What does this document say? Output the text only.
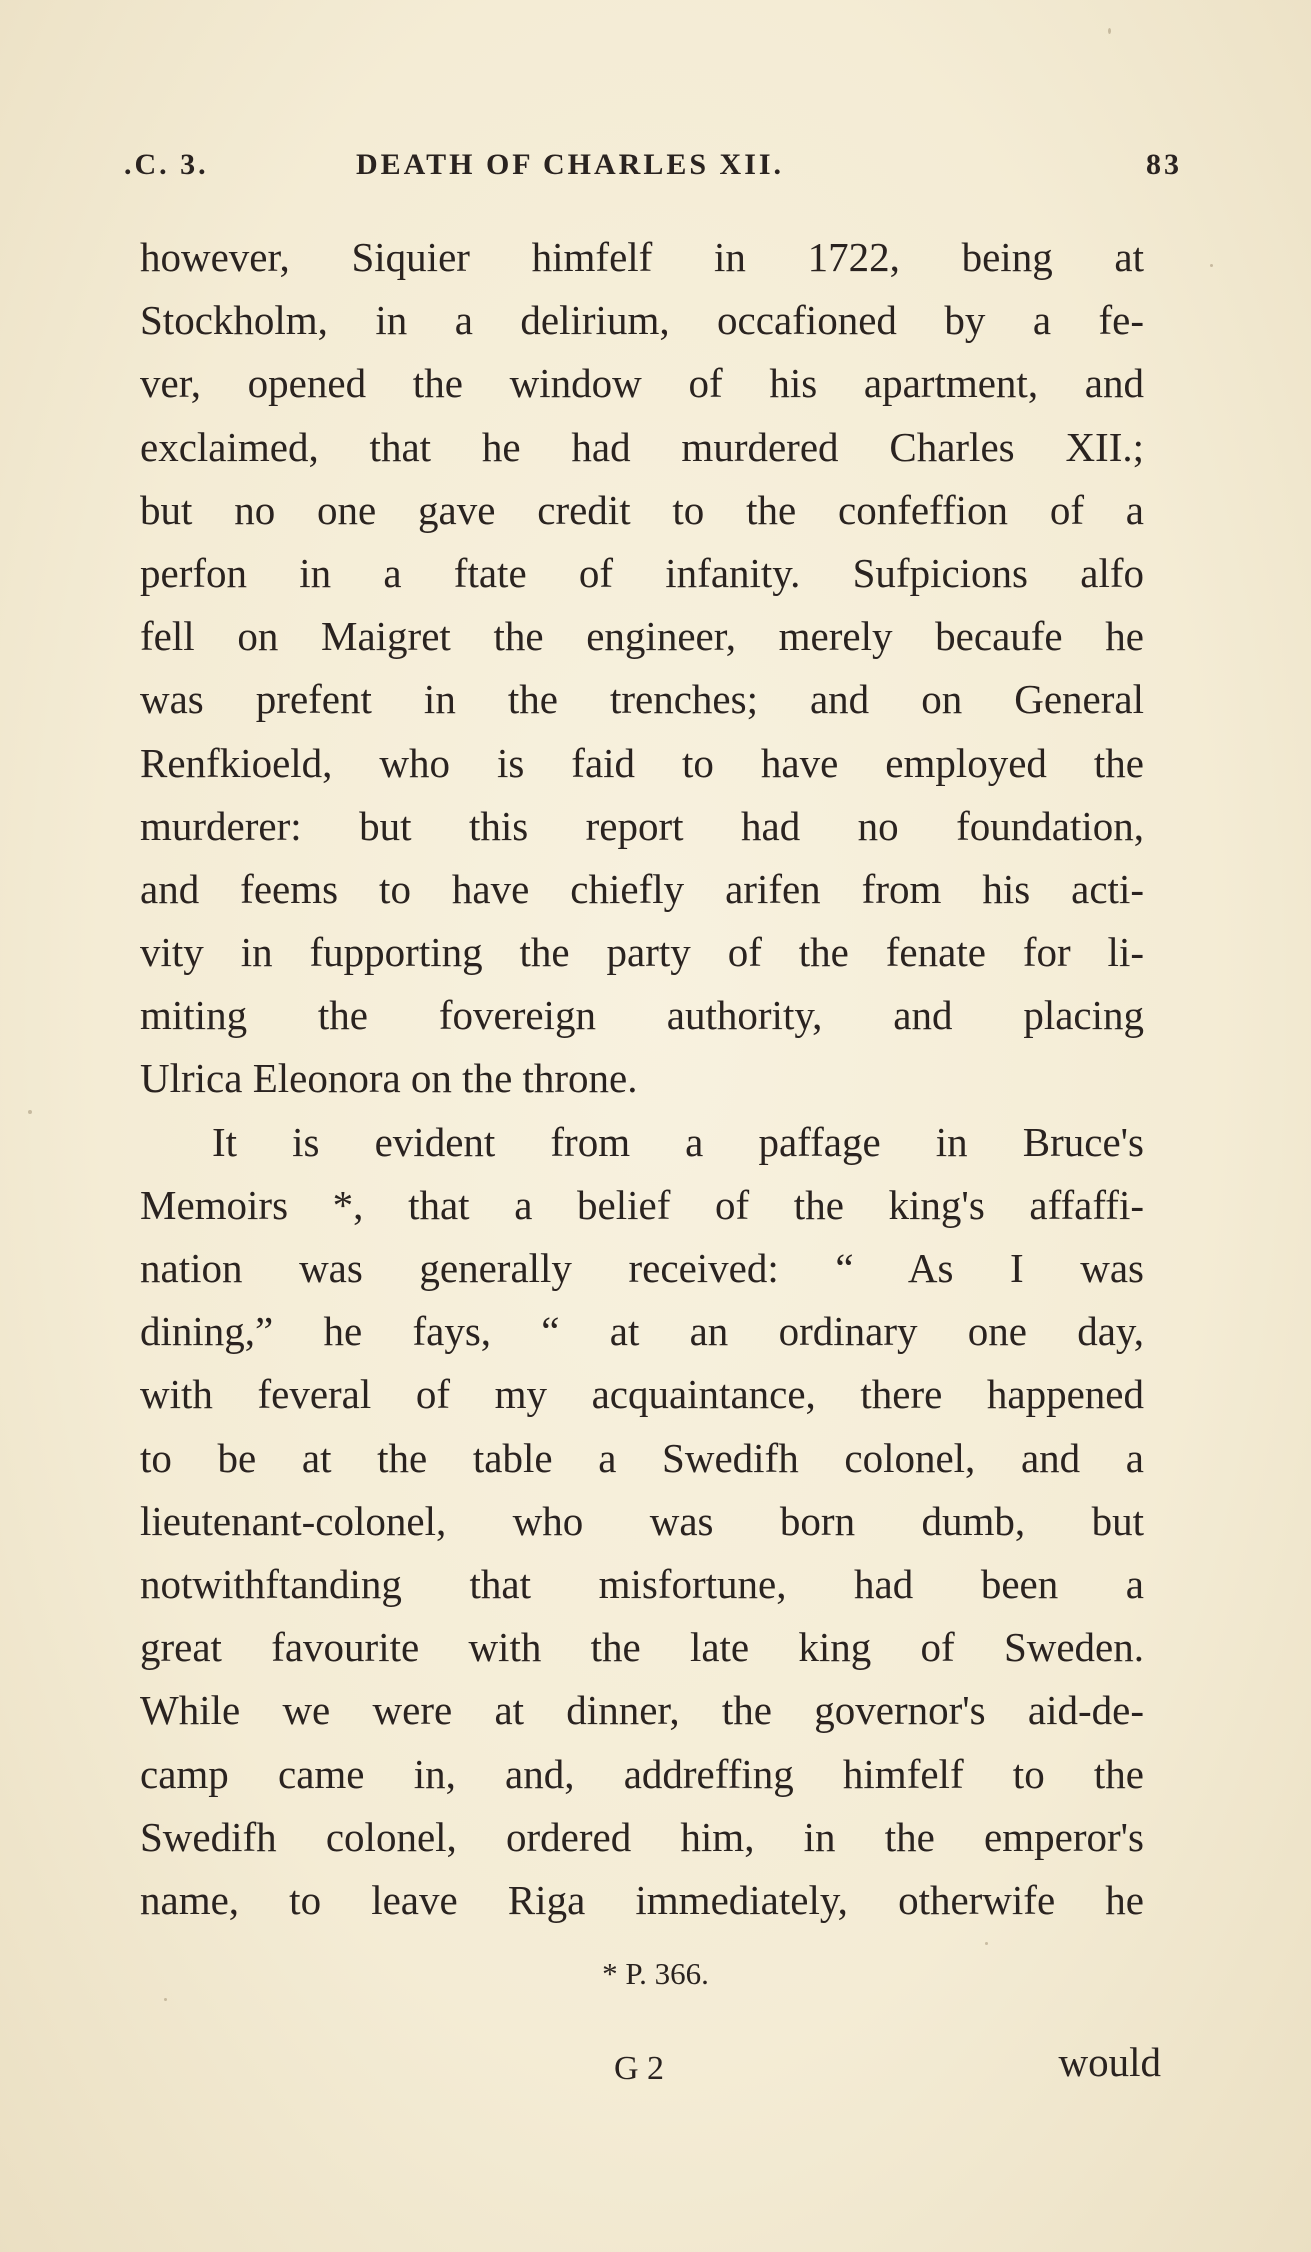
.C. 3.	DEATH OF CHARLES XII.	83
however, Siquier himfelf in 1722, being at
Stockholm, in a delirium, occafioned by a fe-
ver, opened the window of his apartment, and
exclaimed, that he had murdered Charles XII.;
but no one gave credit to the confeffion of a
perfon in a ftate of infanity. Sufpicions alfo
fell on Maigret the engineer, merely becaufe he
was prefent in the trenches; and on General
Renfkioeld, who is faid to have employed the
murderer: but this report had no foundation,
and feems to have chiefly arifen from his acti-
vity in fupporting the party of the fenate for li-
miting the fovereign authority, and placing
Ulrica Eleonora on the throne.
It is evident from a paffage in Bruce's
Memoirs *, that a belief of the king's affaffi-
nation was generally received: “ As I was
dining,” he fays, “ at an ordinary one day,
with feveral of my acquaintance, there happened
to be at the table a Swedifh colonel, and a
lieutenant-colonel, who was born dumb, but
notwithftanding that misfortune, had been a
great favourite with the late king of Sweden.
While we were at dinner, the governor's aid-de-
camp came in, and, addreffing himfelf to the
Swedifh colonel, ordered him, in the emperor's
name, to leave Riga immediately, otherwife he
* P. 366.
G 2	would
